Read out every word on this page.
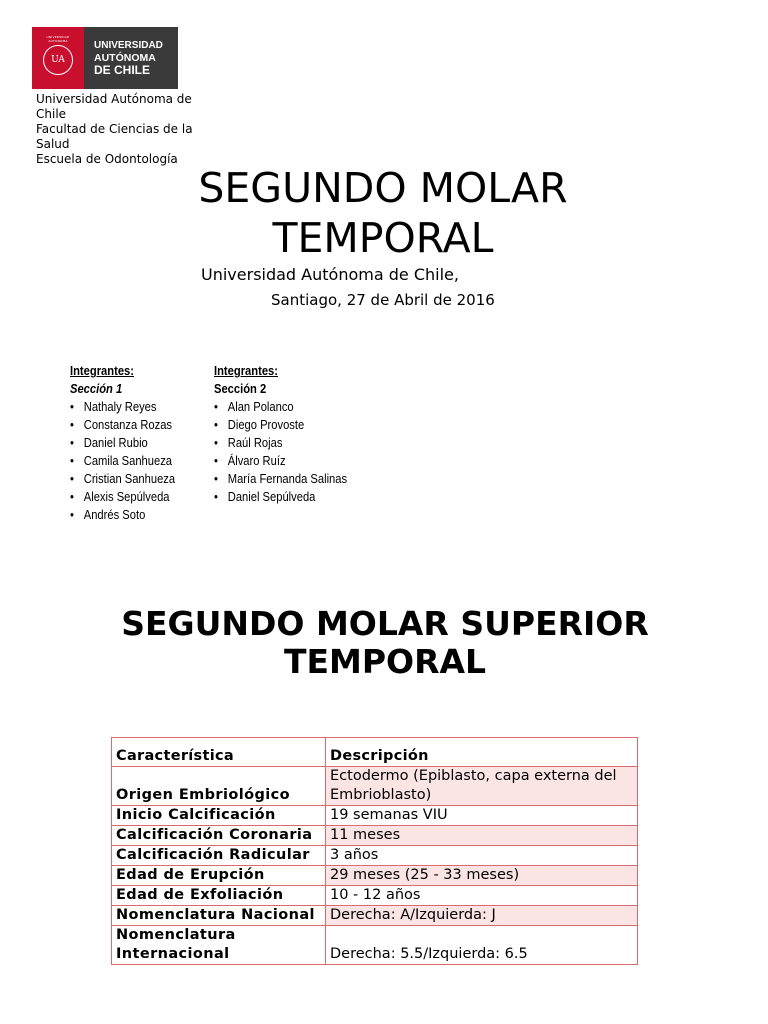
UNIVERSIDAD AUTONOMA
UA
UNIVERSIDAD
AUTÓNOMA
DE CHILE
Universidad Autónoma de Chile
Facultad de Ciencias de la Salud
Escuela de Odontología
SEGUNDO MOLAR TEMPORAL
Universidad Autónoma de Chile,
Santiago, 27 de Abril de 2016
Integrantes:
Sección 1
• Nathaly Reyes
• Constanza Rozas
• Daniel Rubio
• Camila Sanhueza
• Cristian Sanhueza
• Alexis Sepúlveda
• Andrés Soto
Integrantes:
Sección 2
• Alan Polanco
• Diego Provoste
• Raúl Rojas
• Álvaro Ruíz
• María Fernanda Salinas
• Daniel Sepúlveda
SEGUNDO MOLAR SUPERIOR TEMPORAL
Característica	Descripción
Origen Embriológico	Ectodermo (Epiblasto, capa externa del Embrioblasto)
Inicio Calcificación	19 semanas VIU
Calcificación Coronaria	11 meses
Calcificación Radicular	3 años
Edad de Erupción	29 meses (25 - 33 meses)
Edad de Exfoliación	10 - 12 años
Nomenclatura Nacional	Derecha: A/Izquierda: J
Nomenclatura Internacional	Derecha: 5.5/Izquierda: 6.5
